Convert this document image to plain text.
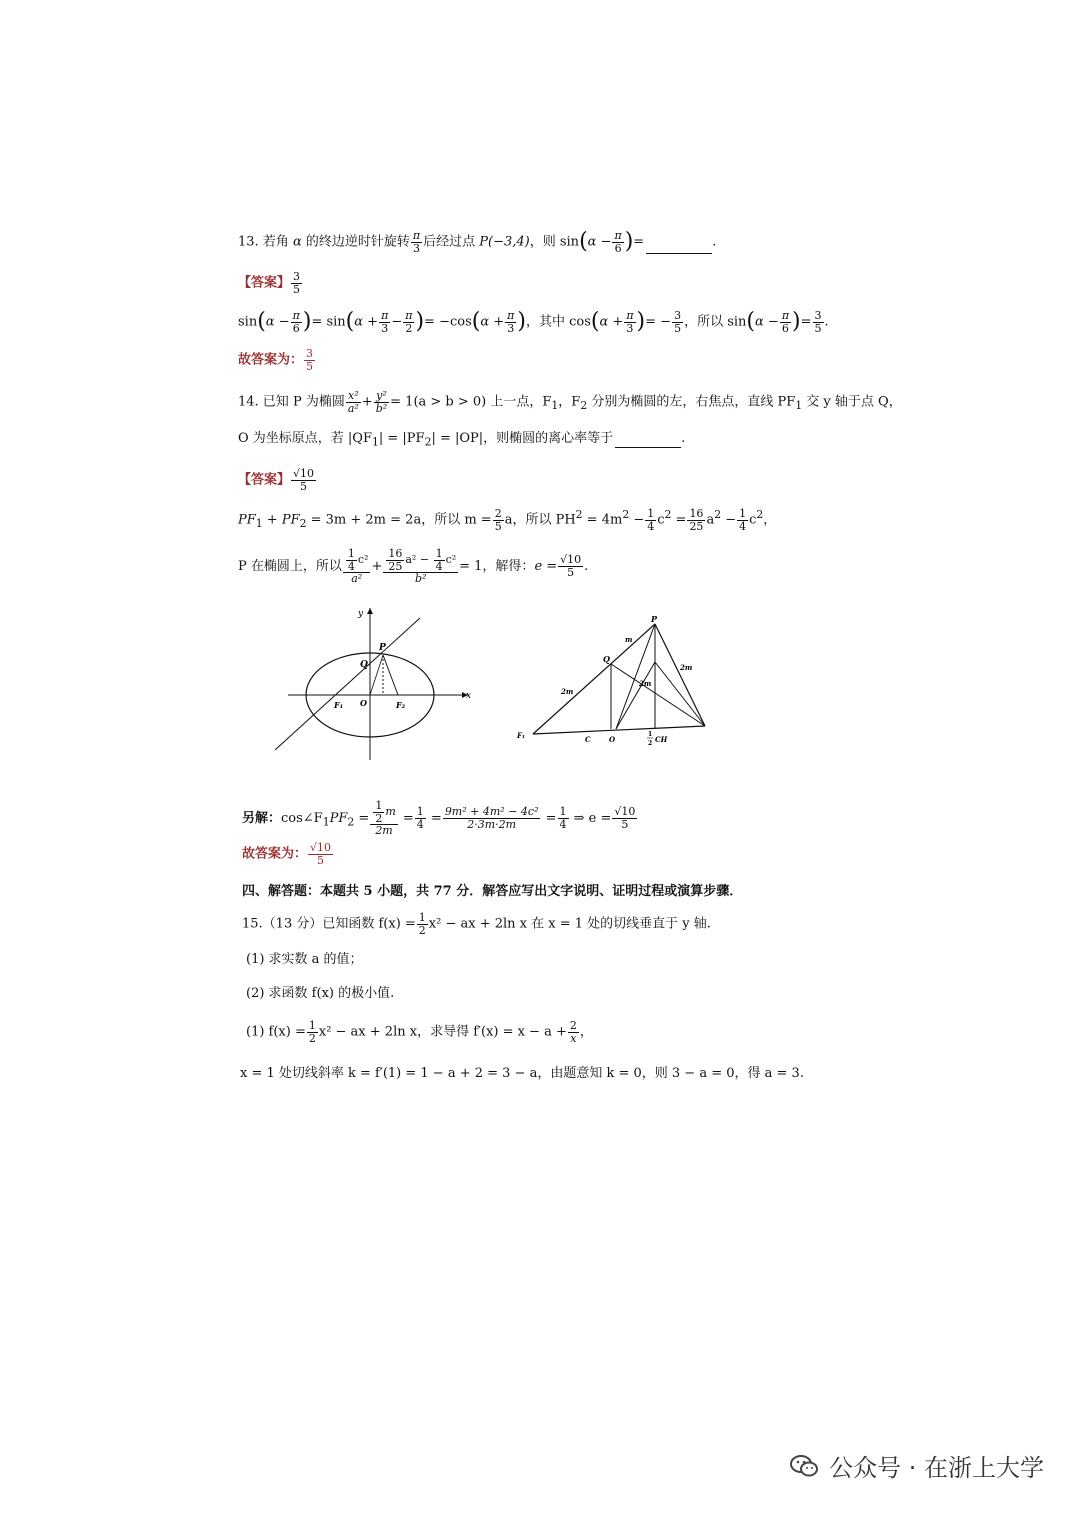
13. 若角 α 的终边逆时针旋转 $\frac{\pi}{3}$ 后经过点 P(−3,4)，则 $\sin(\alpha - \frac{\pi}{6}$ )=	.
【答案】 $\frac{3}{5}$
$\sin(\alpha - \frac{\pi}{6}$ )= $\sin(\alpha + \frac{\pi}{3} - \frac{\pi}{2}$ )= $-\cos(\alpha + \frac{\pi}{3}$ )，其中 $\cos(\alpha + \frac{\pi}{3}$ )= − $\frac{3}{5}$ ，所以 $\sin(\alpha - \frac{\pi}{6}$ )= $\frac{3}{5}$ .
故答案为： $\frac{3}{5}$
14. 已知 P 为椭圆 $\frac{\text{x²}}{\text{a²}} + \frac{\text{y²}}{\text{b²}} = 1(a > b > 0)$ 上一点，$F_1$，$F_2$ 分别为椭圆的左，右焦点，直线 $PF_1$ 交 y 轴于点 Q，
O 为坐标原点，若 $|QF_1| = |PF_2| = |OP|$，则椭圆的离心率等于	.
【答案】 $\frac{√10}{5}$
$PF_1 + PF_2 = 3m + 2m = 2a$，所以 $m = \frac{2}{5}$ a，所以 $PH^2 = 4m^2 - \frac{1}{4} c^2 = \frac{16}{25} a^2 - \frac{1}{4} c^2$，
P 在椭圆上，所以 $\frac{\frac{1}{4} c^2}{\text{a²}} + \frac{\frac{16}{25} a^2 - \frac{1}{4} c^2}{\text{b²}} = 1$，解得：$e = \frac{√10}{5}$ .
y
x
P
Q
F₁ O	F₂
P
Q
F₁	C	O
1
2 CH
m
2m
2m
2m
另解：$\cos\angle F_1PF_2 = \frac{\frac{1}{2} m}{2m} = \frac{1}{4} = \frac{\text{9m² + 4m² − 4c²}}{2\cdot 3m\cdot 2m} = \frac{1}{4}$ ⇒ $e = \frac{√10}{5}$
故答案为： $\frac{√10}{5}$
四、解答题：本题共 5 小题，共 77 分．解答应写出文字说明、证明过程或演算步骤．
15.（13 分）已知函数 $f(x) = \frac{1}{2} x^2$ − ax + 2ln x 在 x = 1 处的切线垂直于 y 轴.
(1) 求实数 a 的值；
(2) 求函数 f(x) 的极小值.
(1) $f(x) = \frac{1}{2} x^2$ − ax + 2ln x，求导得 $f'(x) = x - a + \frac{2}{x}$ ，
x = 1 处切线斜率 k = f′(1) = 1 − a + 2 = 3 − a，由题意知 k = 0，则 3 − a = 0，得 a = 3.
公众号 · 在浙上大学
